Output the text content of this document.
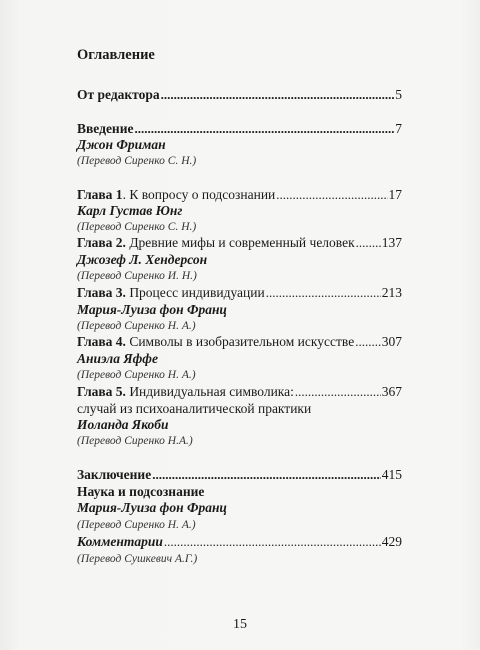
Оглавление
От редактора .....	5
Введение .....	7
Джон Фриман
(Перевод Сиренко С. Н.)
Глава 1. К вопросу о подсознании .....	17
Карл Густав Юнг
(Перевод Сиренко С. Н.)
Глава 2. Древние мифы и современный человек ..... 137
Джозеф Л. Хендерсон
(Перевод Сиренко И. Н.)
Глава 3. Процесс индивидуации .....	213
Мария-Луиза фон Франц
(Перевод Сиренко Н. А.)
Глава 4. Символы в изобразительном искусстве ..... 307
Аниэла Яффе
(Перевод Сиренко Н. А.)
Глава 5. Индивидуальная символика: .....	367
случай из психоаналитической практики
Иоланда Якоби
(Перевод Сиренко Н.А.)
Заключение .....	415
Наука и подсознание
Мария-Луиза фон Франц
(Перевод Сиренко Н. А.)
Комментарии .....	429
(Перевод Сушкевич А.Г.)
15
